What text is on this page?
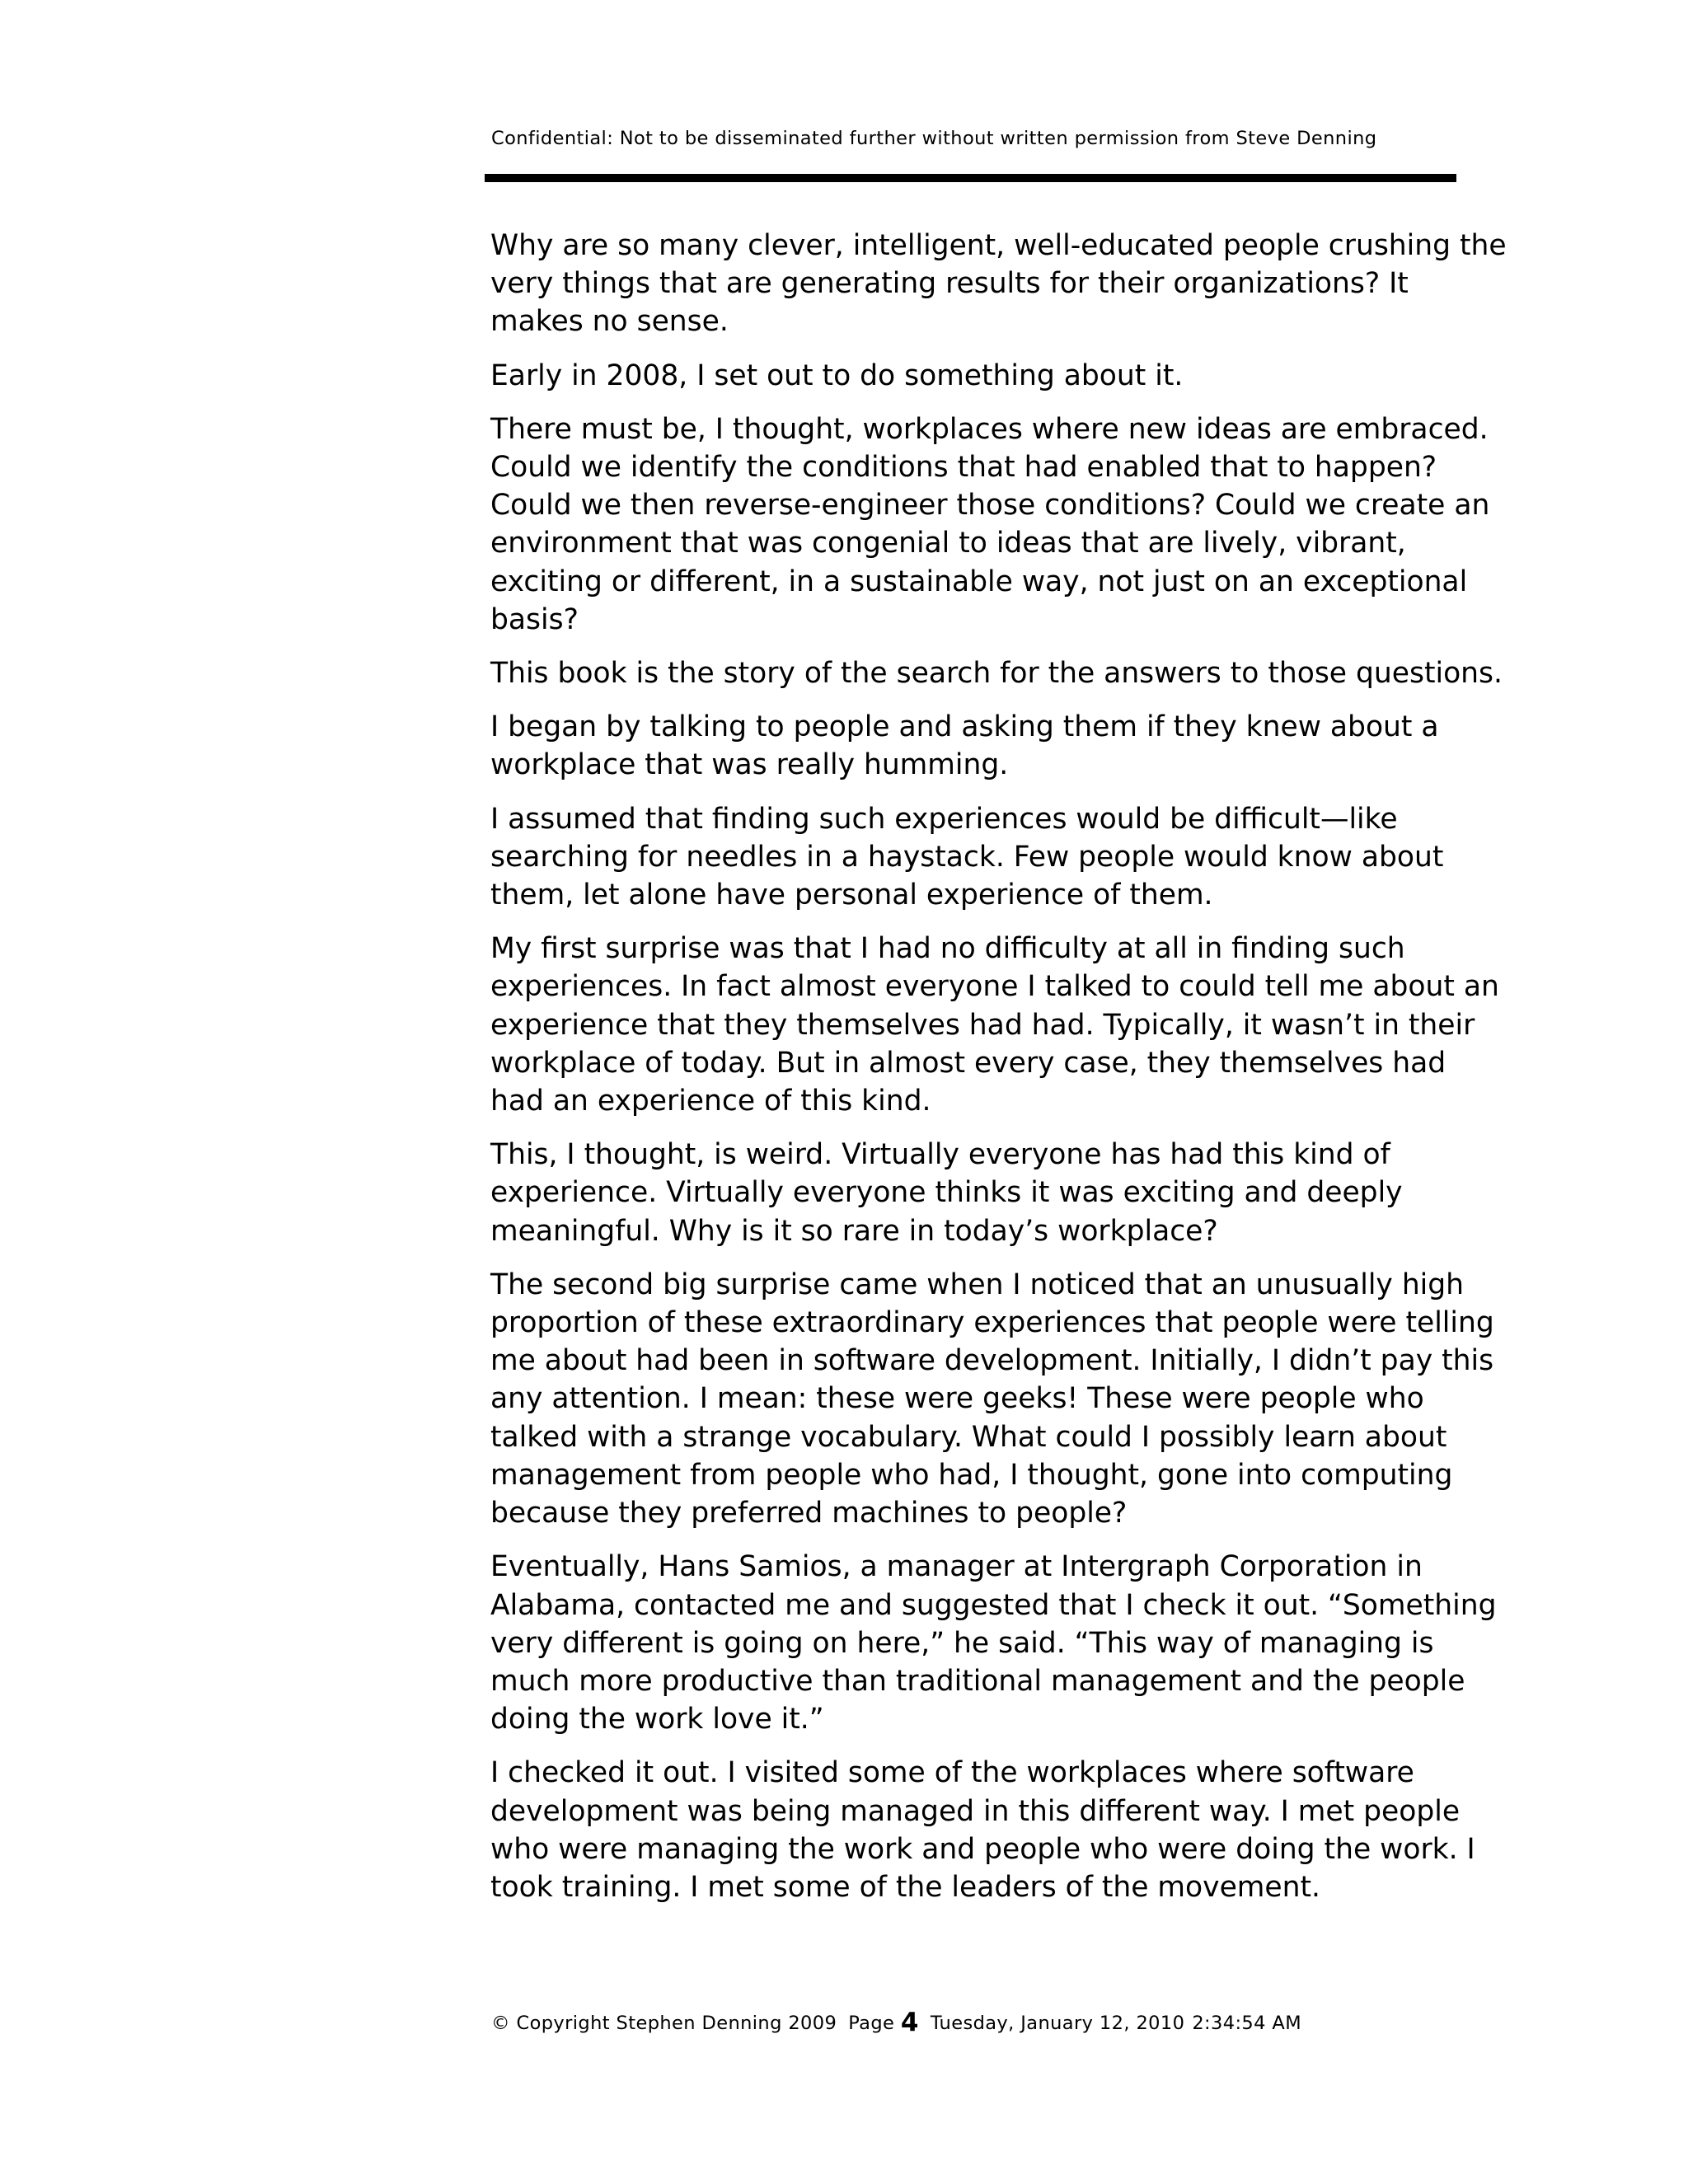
Confidential: Not to be disseminated further without written permission from Steve Denning

Why are so many clever, intelligent, well-educated people crushing the
very things that are generating results for their organizations? It
makes no sense.

Early in 2008, I set out to do something about it.

There must be, I thought, workplaces where new ideas are embraced.
Could we identify the conditions that had enabled that to happen?
Could we then reverse-engineer those conditions? Could we create an
environment that was congenial to ideas that are lively, vibrant,
exciting or different, in a sustainable way, not just on an exceptional
basis?

This book is the story of the search for the answers to those questions.

I began by talking to people and asking them if they knew about a
workplace that was really humming.

I assumed that finding such experiences would be difficult—like
searching for needles in a haystack. Few people would know about
them, let alone have personal experience of them.

My first surprise was that I had no difficulty at all in finding such
experiences. In fact almost everyone I talked to could tell me about an
experience that they themselves had had. Typically, it wasn’t in their
workplace of today. But in almost every case, they themselves had
had an experience of this kind.

This, I thought, is weird. Virtually everyone has had this kind of
experience. Virtually everyone thinks it was exciting and deeply
meaningful. Why is it so rare in today’s workplace?

The second big surprise came when I noticed that an unusually high
proportion of these extraordinary experiences that people were telling
me about had been in software development. Initially, I didn’t pay this
any attention. I mean: these were geeks! These were people who
talked with a strange vocabulary. What could I possibly learn about
management from people who had, I thought, gone into computing
because they preferred machines to people?

Eventually, Hans Samios, a manager at Intergraph Corporation in
Alabama, contacted me and suggested that I check it out. “Something
very different is going on here,” he said. “This way of managing is
much more productive than traditional management and the people
doing the work love it.”

I checked it out. I visited some of the workplaces where software
development was being managed in this different way. I met people
who were managing the work and people who were doing the work. I
took training. I met some of the leaders of the movement.

© Copyright Stephen Denning 2009 Page 4 Tuesday, January 12, 2010 2:34:54 AM
